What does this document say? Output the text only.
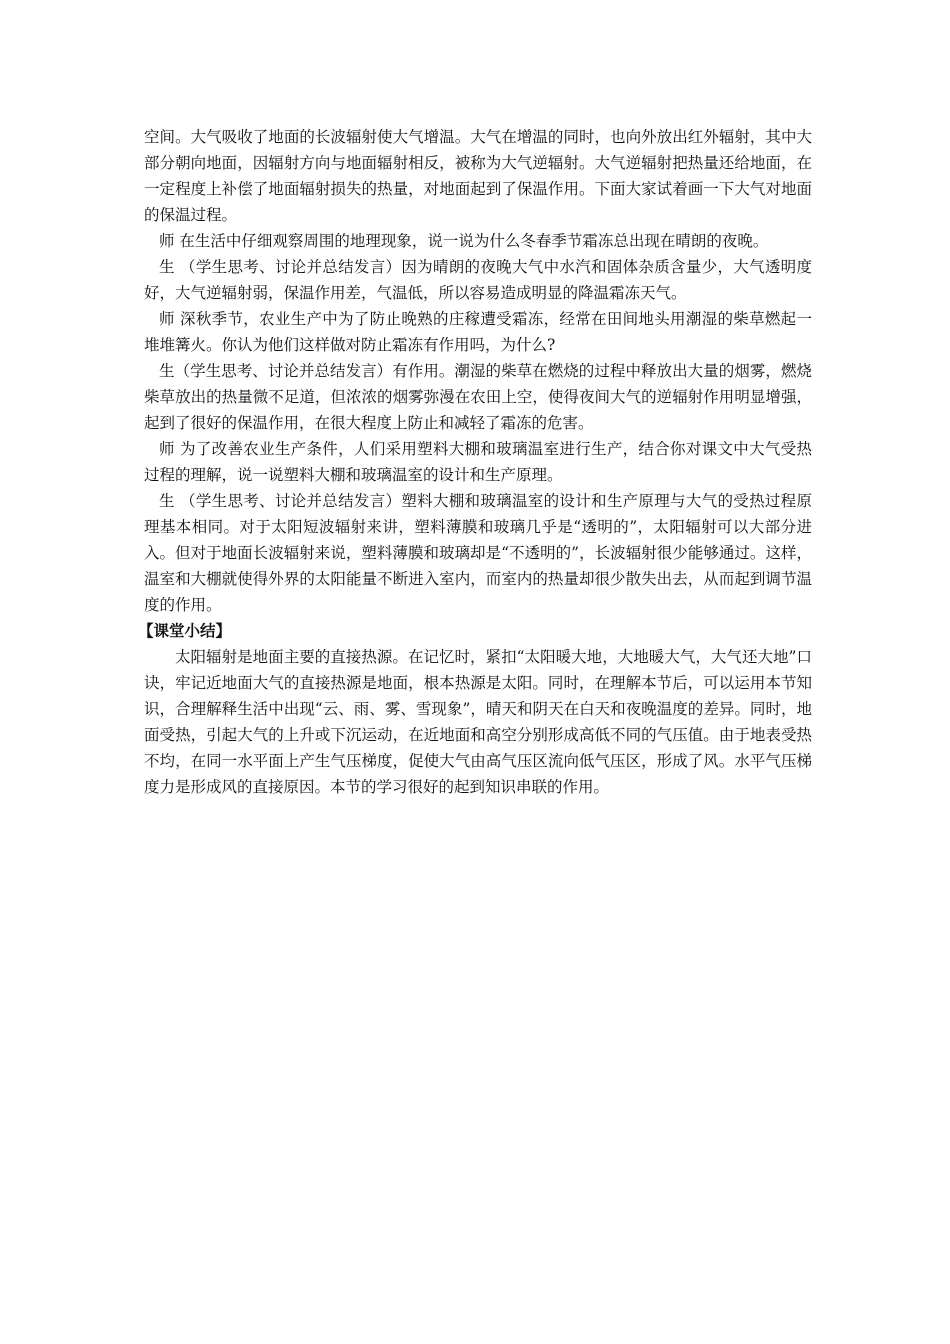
空间。大气吸收了地面的长波辐射使大气增温。大气在增温的同时，也向外放出红外辐射，其中大部分朝向地面，因辐射方向与地面辐射相反，被称为大气逆辐射。大气逆辐射把热量还给地面，在一定程度上补偿了地面辐射损失的热量，对地面起到了保温作用。下面大家试着画一下大气对地面的保温过程。

师 在生活中仔细观察周围的地理现象，说一说为什么冬春季节霜冻总出现在晴朗的夜晚。

生 （学生思考、讨论并总结发言）因为晴朗的夜晚大气中水汽和固体杂质含量少，大气透明度好，大气逆辐射弱，保温作用差，气温低，所以容易造成明显的降温霜冻天气。

师 深秋季节，农业生产中为了防止晚熟的庄稼遭受霜冻，经常在田间地头用潮湿的柴草燃起一堆堆篝火。你认为他们这样做对防止霜冻有作用吗，为什么?

生（学生思考、讨论并总结发言）有作用。潮湿的柴草在燃烧的过程中释放出大量的烟雾，燃烧柴草放出的热量微不足道，但浓浓的烟雾弥漫在农田上空，使得夜间大气的逆辐射作用明显增强，起到了很好的保温作用，在很大程度上防止和减轻了霜冻的危害。

师 为了改善农业生产条件，人们采用塑料大棚和玻璃温室进行生产，结合你对课文中大气受热过程的理解，说一说塑料大棚和玻璃温室的设计和生产原理。

生 （学生思考、讨论并总结发言）塑料大棚和玻璃温室的设计和生产原理与大气的受热过程原理基本相同。对于太阳短波辐射来讲，塑料薄膜和玻璃几乎是“透明的”，太阳辐射可以大部分进入。但对于地面长波辐射来说，塑料薄膜和玻璃却是“不透明的”，长波辐射很少能够通过。这样，温室和大棚就使得外界的太阳能量不断进入室内，而室内的热量却很少散失出去，从而起到调节温度的作用。

【课堂小结】

太阳辐射是地面主要的直接热源。在记忆时，紧扣“太阳暖大地，大地暖大气，大气还大地”口诀，牢记近地面大气的直接热源是地面，根本热源是太阳。同时，在理解本节后，可以运用本节知识，合理解释生活中出现“云、雨、雾、雪现象”，晴天和阴天在白天和夜晚温度的差异。同时，地面受热，引起大气的上升或下沉运动，在近地面和高空分别形成高低不同的气压值。由于地表受热不均，在同一水平面上产生气压梯度，促使大气由高气压区流向低气压区，形成了风。水平气压梯度力是形成风的直接原因。本节的学习很好的起到知识串联的作用。
